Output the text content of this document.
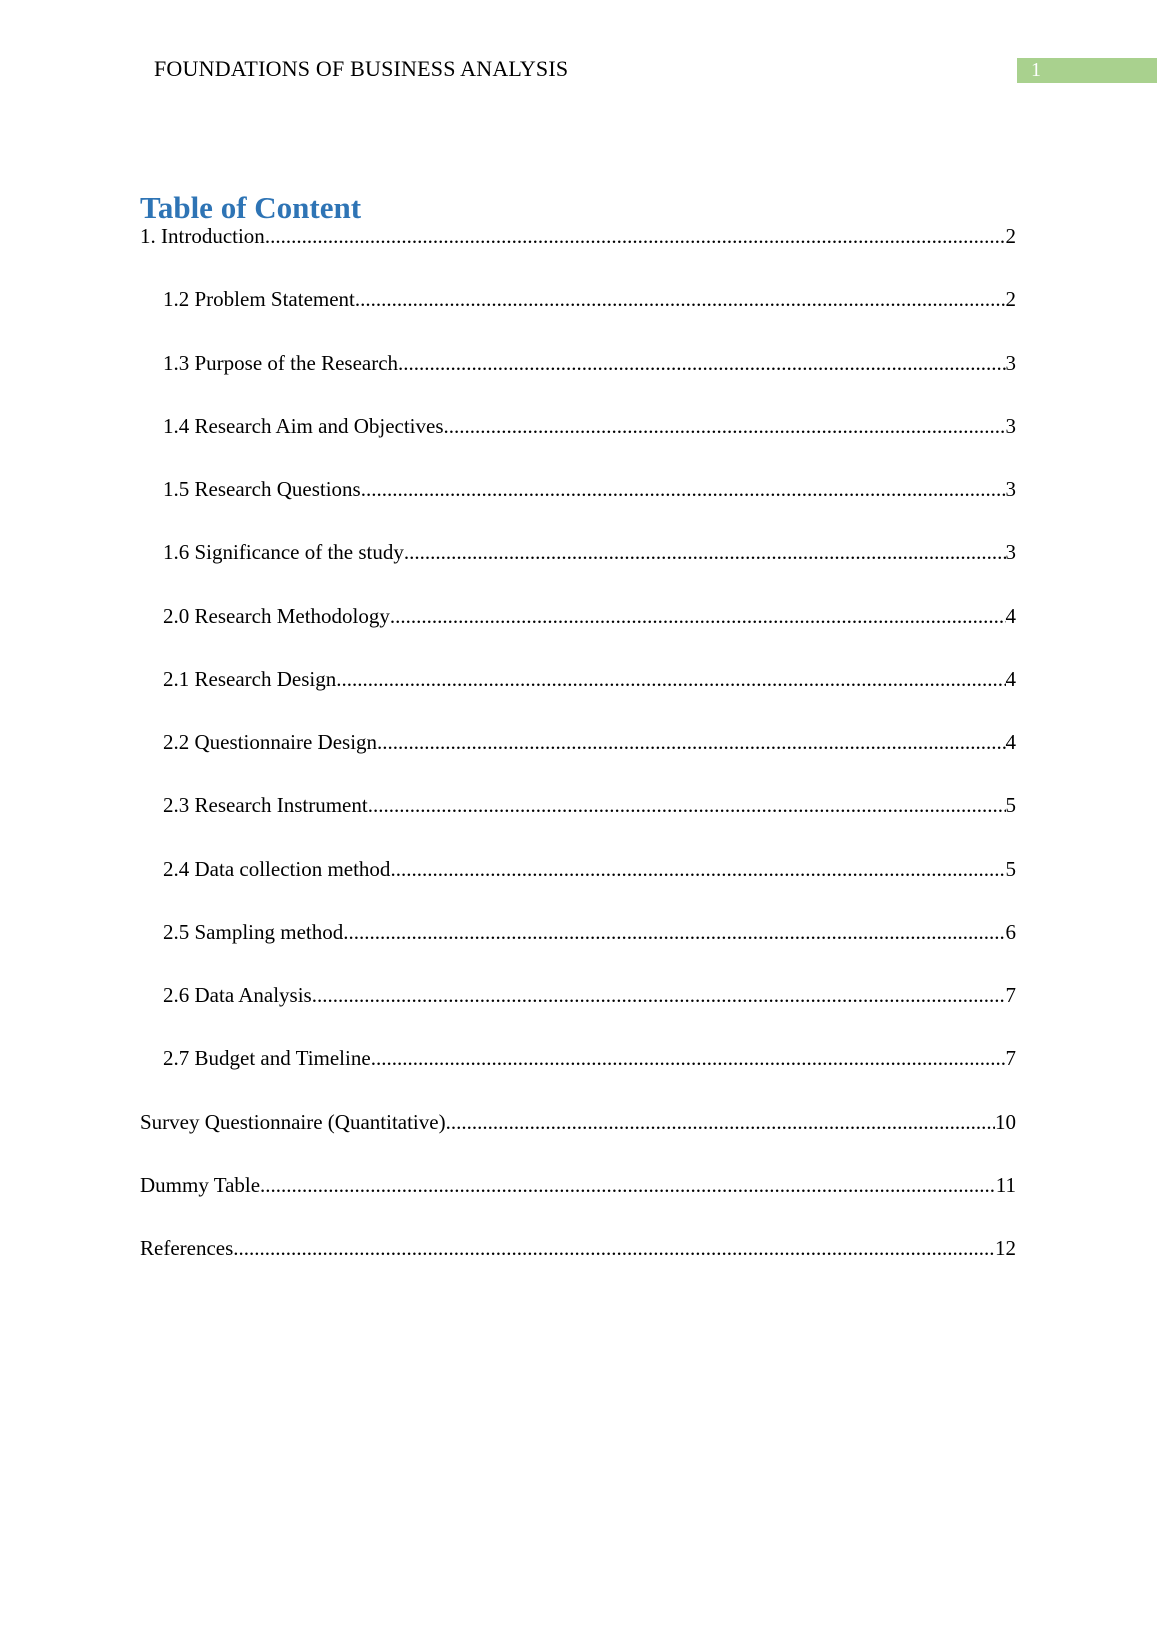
FOUNDATIONS OF BUSINESS ANALYSIS	1
Table of Content
1. Introduction .....	2
1.2 Problem Statement .....	2
1.3 Purpose of the Research .....	3
1.4 Research Aim and Objectives .....	3
1.5 Research Questions .....	3
1.6 Significance of the study .....	3
2.0 Research Methodology .....	4
2.1 Research Design .....	4
2.2 Questionnaire Design .....	4
2.3 Research Instrument .....	5
2.4 Data collection method .....	5
2.5 Sampling method .....	6
2.6 Data Analysis .....	7
2.7 Budget and Timeline .....	7
Survey Questionnaire (Quantitative) .....	10
Dummy Table .....	11
References .....	12
